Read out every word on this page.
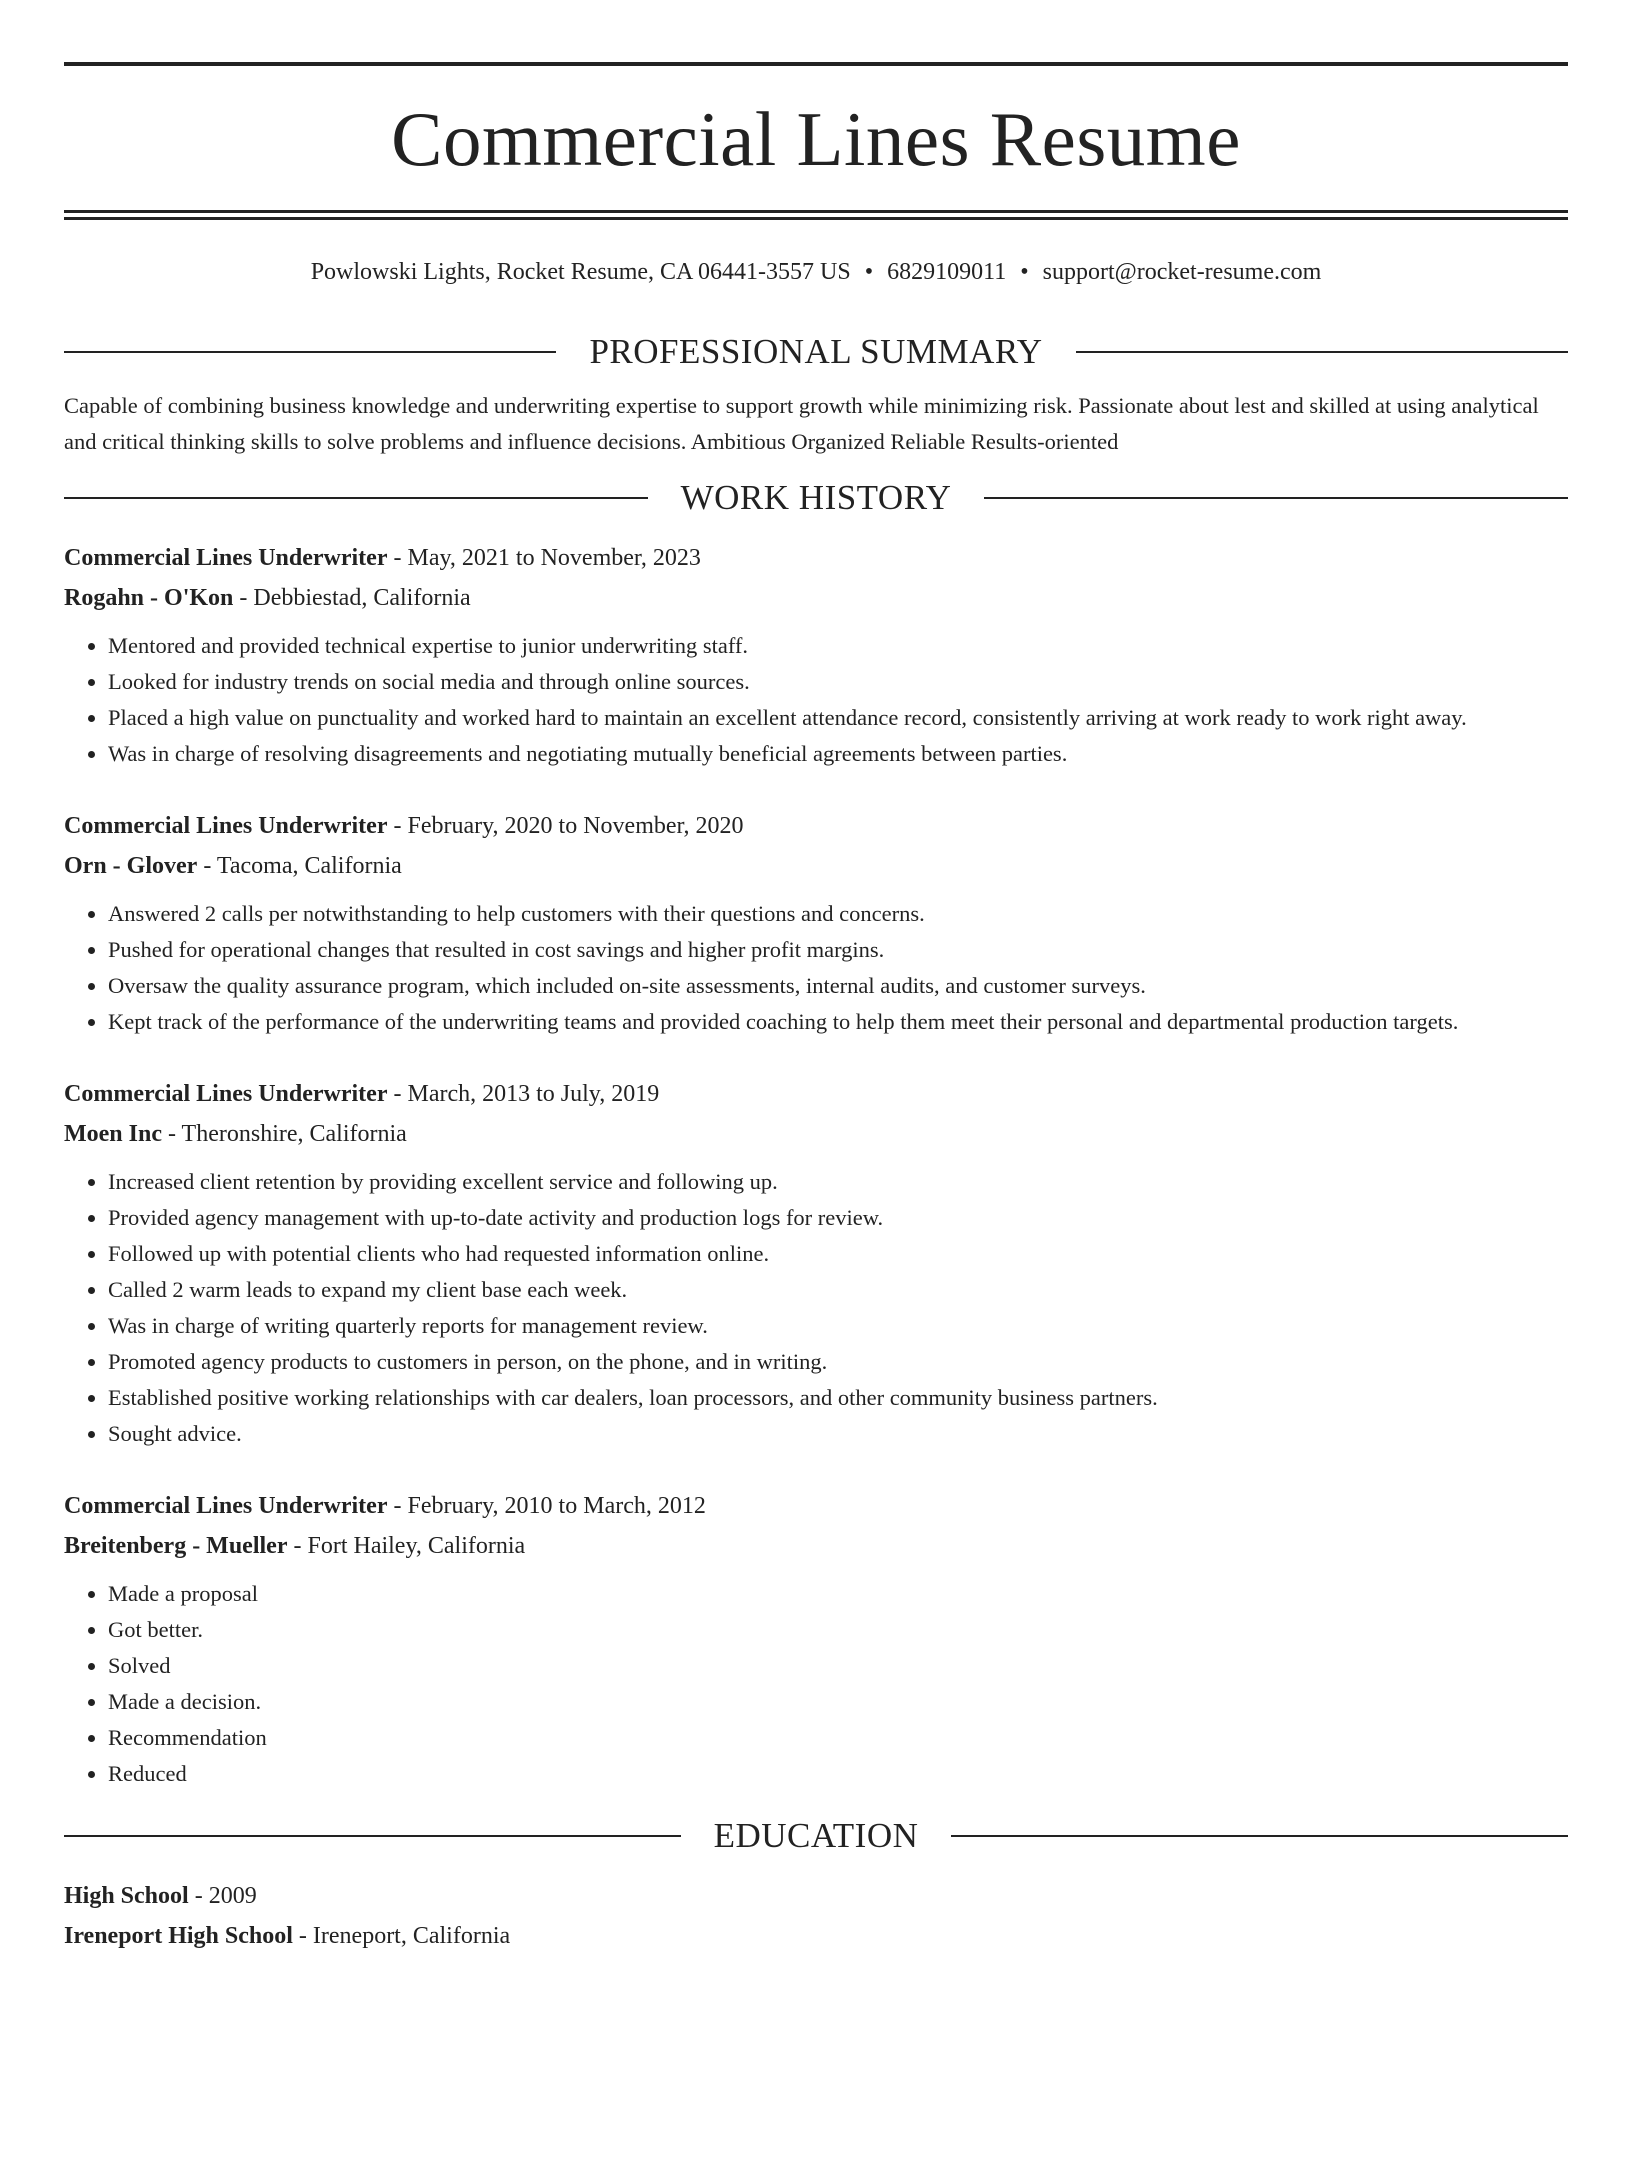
Commercial Lines Resume
Powlowski Lights, Rocket Resume, CA 06441-3557 US • 6829109011 • support@rocket-resume.com
PROFESSIONAL SUMMARY
Capable of combining business knowledge and underwriting expertise to support growth while minimizing risk. Passionate about lest and skilled at using analytical and critical thinking skills to solve problems and influence decisions. Ambitious Organized Reliable Results-oriented
WORK HISTORY
Commercial Lines Underwriter - May, 2021 to November, 2023
Rogahn - O'Kon - Debbiestad, California
• Mentored and provided technical expertise to junior underwriting staff.
• Looked for industry trends on social media and through online sources.
• Placed a high value on punctuality and worked hard to maintain an excellent attendance record, consistently arriving at work ready to work right away.
• Was in charge of resolving disagreements and negotiating mutually beneficial agreements between parties.
Commercial Lines Underwriter - February, 2020 to November, 2020
Orn - Glover - Tacoma, California
• Answered 2 calls per notwithstanding to help customers with their questions and concerns.
• Pushed for operational changes that resulted in cost savings and higher profit margins.
• Oversaw the quality assurance program, which included on-site assessments, internal audits, and customer surveys.
• Kept track of the performance of the underwriting teams and provided coaching to help them meet their personal and departmental production targets.
Commercial Lines Underwriter - March, 2013 to July, 2019
Moen Inc - Theronshire, California
• Increased client retention by providing excellent service and following up.
• Provided agency management with up-to-date activity and production logs for review.
• Followed up with potential clients who had requested information online.
• Called 2 warm leads to expand my client base each week.
• Was in charge of writing quarterly reports for management review.
• Promoted agency products to customers in person, on the phone, and in writing.
• Established positive working relationships with car dealers, loan processors, and other community business partners.
• Sought advice.
Commercial Lines Underwriter - February, 2010 to March, 2012
Breitenberg - Mueller - Fort Hailey, California
• Made a proposal
• Got better.
• Solved
• Made a decision.
• Recommendation
• Reduced
EDUCATION
High School - 2009
Ireneport High School - Ireneport, California
